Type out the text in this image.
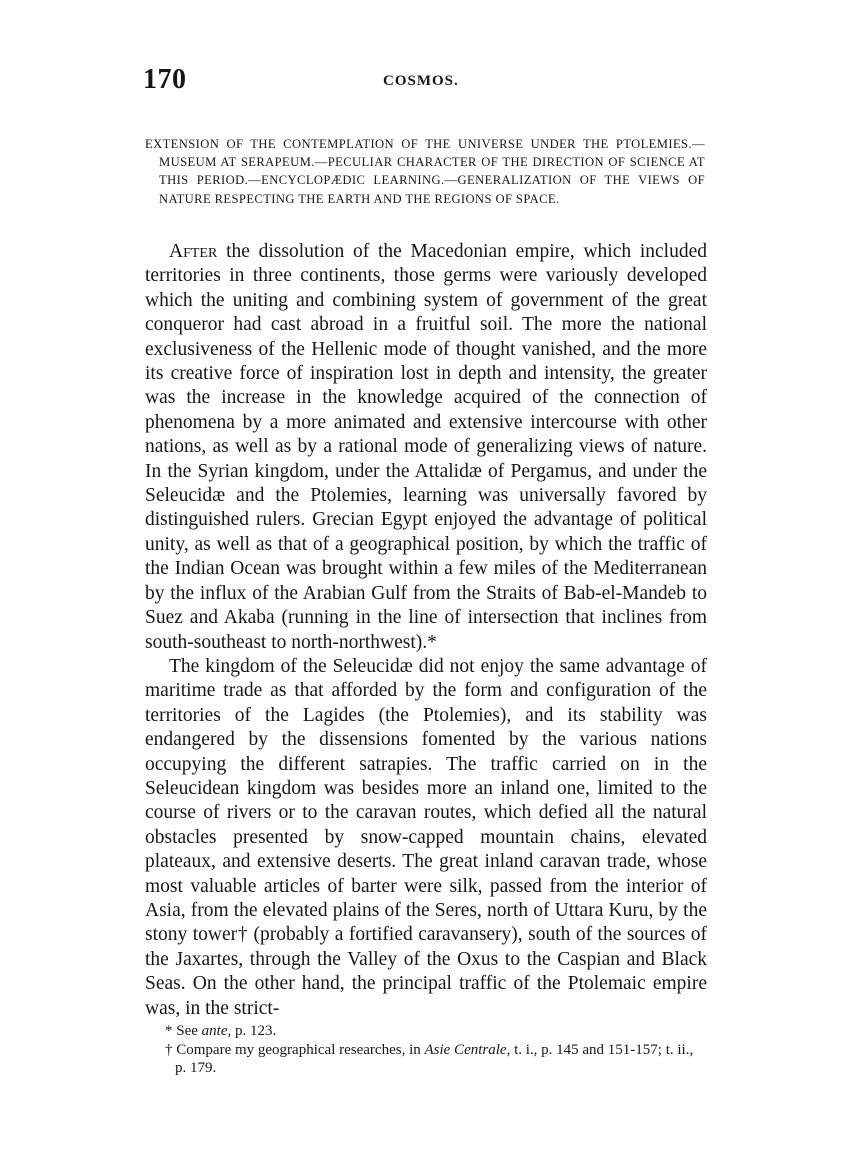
170	COSMOS.
EXTENSION OF THE CONTEMPLATION OF THE UNIVERSE UNDER THE PTOLEMIES.—MUSEUM AT SERAPEUM.—PECULIAR CHARACTER OF THE DIRECTION OF SCIENCE AT THIS PERIOD.—ENCYCLOPÆDIC LEARNING.—GENERALIZATION OF THE VIEWS OF NATURE RESPECTING THE EARTH AND THE REGIONS OF SPACE.

After the dissolution of the Macedonian empire, which included territories in three continents, those germs were variously developed which the uniting and combining system of government of the great conqueror had cast abroad in a fruitful soil. The more the national exclusiveness of the Hellenic mode of thought vanished, and the more its creative force of inspiration lost in depth and intensity, the greater was the increase in the knowledge acquired of the connection of phenomena by a more animated and extensive intercourse with other nations, as well as by a rational mode of generalizing views of nature. In the Syrian kingdom, under the Attalidæ of Pergamus, and under the Seleucidæ and the Ptolemies, learning was universally favored by distinguished rulers. Grecian Egypt enjoyed the advantage of political unity, as well as that of a geographical position, by which the traffic of the Indian Ocean was brought within a few miles of the Mediterranean by the influx of the Arabian Gulf from the Straits of Bab-el-Mandeb to Suez and Akaba (running in the line of intersection that inclines from south-southeast to north-northwest).*

The kingdom of the Seleucidæ did not enjoy the same advantage of maritime trade as that afforded by the form and configuration of the territories of the Lagides (the Ptolemies), and its stability was endangered by the dissensions fomented by the various nations occupying the different satrapies. The traffic carried on in the Seleucidean kingdom was besides more an inland one, limited to the course of rivers or to the caravan routes, which defied all the natural obstacles presented by snow-capped mountain chains, elevated plateaux, and extensive deserts. The great inland caravan trade, whose most valuable articles of barter were silk, passed from the interior of Asia, from the elevated plains of the Seres, north of Uttara Kuru, by the stony tower† (probably a fortified caravansery), south of the sources of the Jaxartes, through the Valley of the Oxus to the Caspian and Black Seas. On the other hand, the principal traffic of the Ptolemaic empire was, in the strict-

* See ante, p. 123.

† Compare my geographical researches, in Asie Centrale, t. i., p. 145 and 151-157; t. ii., p. 179.
